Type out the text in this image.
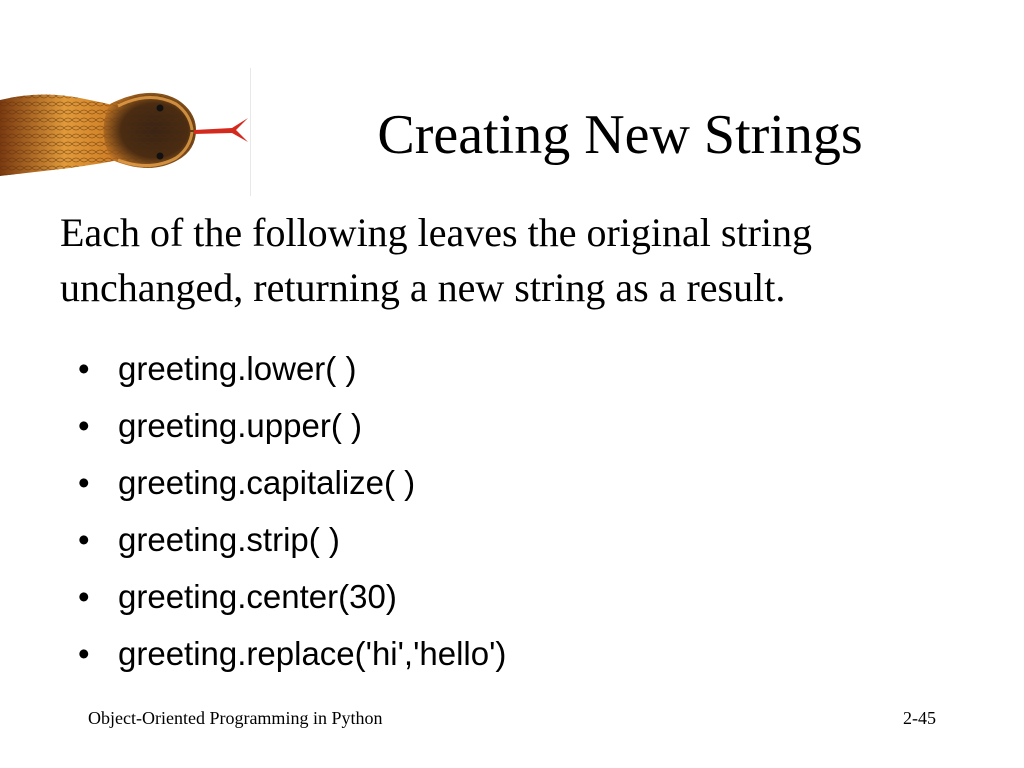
Creating New Strings

Each of the following leaves the original string unchanged, returning a new string as a result.

• greeting.lower( )
• greeting.upper( )
• greeting.capitalize( )
• greeting.strip( )
• greeting.center(30)
• greeting.replace('hi','hello')
Object-Oriented Programming in Python	2-45
